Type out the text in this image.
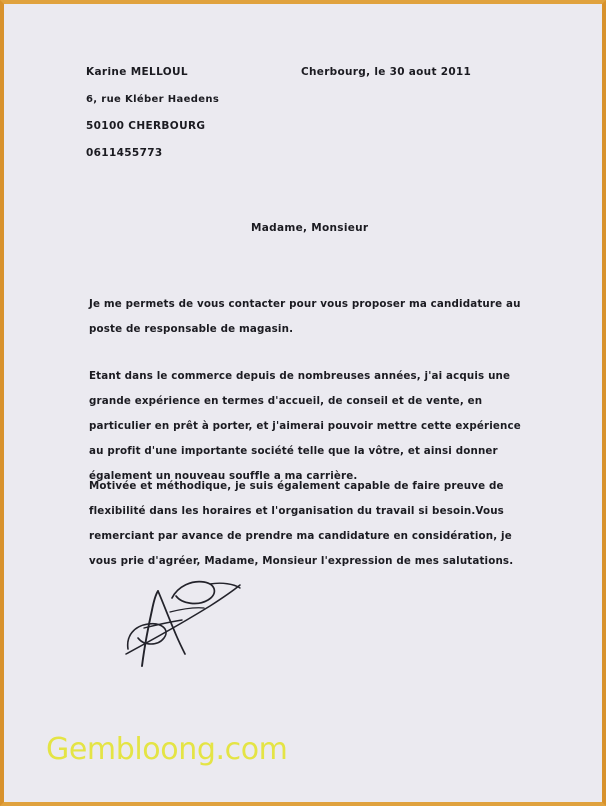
Karine MELLOUL	Cherbourg, le 30 aout 2011
6, rue Kléber Haedens
50100 CHERBOURG
0611455773
Madame, Monsieur

Je me permets de vous contacter pour vous proposer ma candidature au poste de responsable de magasin.

Etant dans le commerce depuis de nombreuses années, j'ai acquis une grande expérience en termes d'accueil, de conseil et de vente, en particulier en prêt à porter, et j'aimerai pouvoir mettre cette expérience au profit d'une importante société telle que la vôtre, et ainsi donner également un nouveau souffle a ma carrière.

Motivée et méthodique, je suis également capable de faire preuve de flexibilité dans les horaires et l'organisation du travail si besoin.Vous remerciant par avance de prendre ma candidature en considération, je vous prie d'agréer, Madame, Monsieur l'expression de mes salutations.

Gembloong.com
